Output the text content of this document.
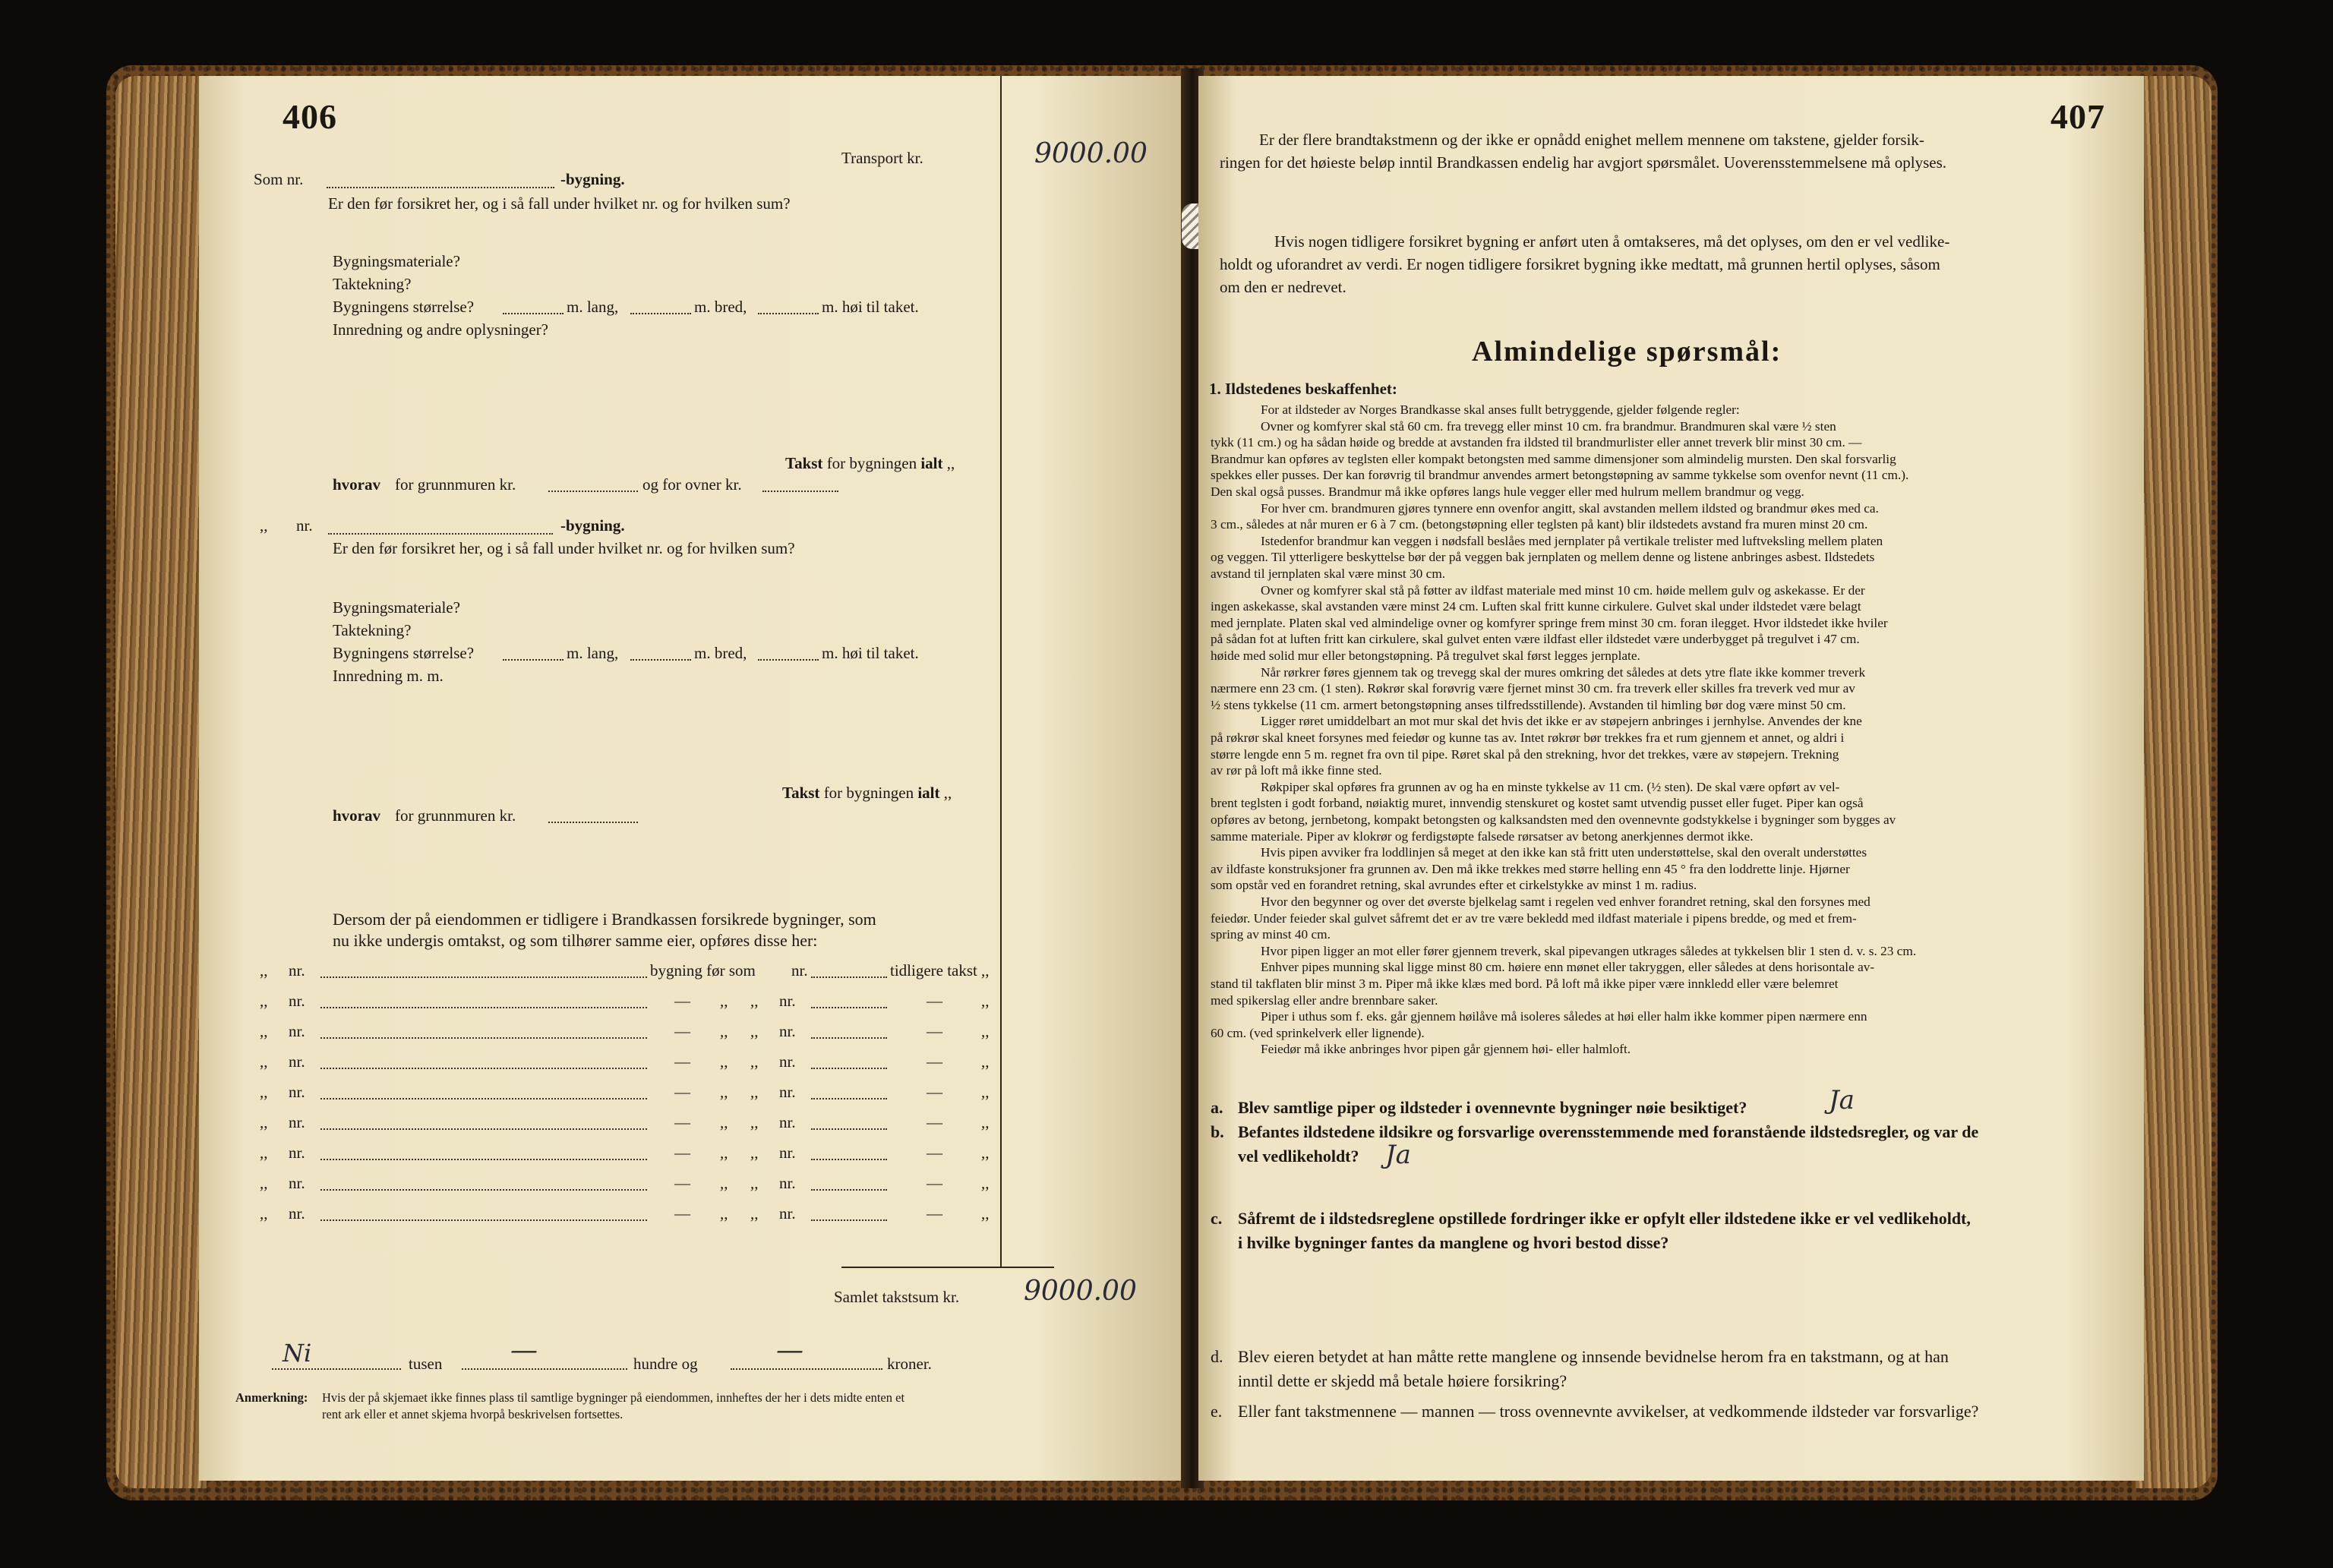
406
Transport kr.	9000.00
Som nr.	-bygning.
Er den før forsikret her, og i så fall under hvilket nr. og for hvilken sum?
Bygningsmateriale?
Taktekning?
Bygningens størrelse?	m. lang,	m. bred,	m. høi til taket.
Innredning og andre oplysninger?
Takst for bygningen ialt ,,
hvorav for grunnmuren kr.	og for ovner kr.
,, nr.	-bygning.
Er den før forsikret her, og i så fall under hvilket nr. og for hvilken sum?
Bygningsmateriale?
Taktekning?
Bygningens størrelse?	m. lang,	m. bred,	m. høi til taket.
Innredning m. m.
Takst for bygningen ialt ,,
hvorav for grunnmuren kr.
Dersom der på eiendommen er tidligere i Brandkassen forsikrede bygninger, som
nu ikke undergis omtakst, og som tilhører samme eier, opføres disse her:
,, nr.	bygning før som nr.	tidligere takst ,,
,, nr.	— ,, ,, nr.	— ,,
,, nr.	— ,, ,, nr.	— ,,
,, nr.	— ,, ,, nr.	— ,,
,, nr.	— ,, ,, nr.	— ,,
,, nr.	— ,, ,, nr.	— ,,
,, nr.	— ,, ,, nr.	— ,,
,, nr.	— ,, ,, nr.	— ,,
,, nr.	— ,, ,, nr.	— ,,
Samlet takstsum kr. 9000.00
Ni	tusen —	hundre og	—	kroner.
Anmerkning: Hvis der på skjemaet ikke finnes plass til samtlige bygninger på eiendommen, innheftes der her i dets midte enten et
rent ark eller et annet skjema hvorpå beskrivelsen fortsettes.
407
Er der flere brandtakstmenn og der ikke er opnådd enighet mellem mennene om takstene, gjelder forsik-
ringen for det høieste beløp inntil Brandkassen endelig har avgjort spørsmålet. Uoverensstemmelsene må oplyses.
Hvis nogen tidligere forsikret bygning er anført uten å omtakseres, må det oplyses, om den er vel vedlike-
holdt og uforandret av verdi. Er nogen tidligere forsikret bygning ikke medtatt, må grunnen hertil oplyses, såsom
om den er nedrevet.
Almindelige spørsmål:
1. Ildstedenes beskaffenhet:
For at ildsteder av Norges Brandkasse skal anses fullt betryggende, gjelder følgende regler:
Ovner og komfyrer skal stå 60 cm. fra trevegg eller minst 10 cm. fra brandmur. Brandmuren skal være ½ sten
tykk (11 cm.) og ha sådan høide og bredde at avstanden fra ildsted til brandmurlister eller annet treverk blir minst 30 cm. —
Brandmur kan opføres av teglsten eller kompakt betongsten med samme dimensjoner som almindelig mursten. Den skal forsvarlig
spekkes eller pusses. Der kan forøvrig til brandmur anvendes armert betongstøpning av samme tykkelse som ovenfor nevnt (11 cm.).
Den skal også pusses. Brandmur må ikke opføres langs hule vegger eller med hulrum mellem brandmur og vegg.
For hver cm. brandmuren gjøres tynnere enn ovenfor angitt, skal avstanden mellem ildsted og brandmur økes med ca.
3 cm., således at når muren er 6 à 7 cm. (betongstøpning eller teglsten på kant) blir ildstedets avstand fra muren minst 20 cm.
Istedenfor brandmur kan veggen i nødsfall beslåes med jernplater på vertikale trelister med luftveksling mellem platen
og veggen. Til ytterligere beskyttelse bør der på veggen bak jernplaten og mellem denne og listene anbringes asbest. Ildstedets
avstand til jernplaten skal være minst 30 cm.
Ovner og komfyrer skal stå på føtter av ildfast materiale med minst 10 cm. høide mellem gulv og askekasse. Er der
ingen askekasse, skal avstanden være minst 24 cm. Luften skal fritt kunne cirkulere. Gulvet skal under ildstedet være belagt
med jernplate. Platen skal ved almindelige ovner og komfyrer springe frem minst 30 cm. foran ilegget. Hvor ildstedet ikke hviler
på sådan fot at luften fritt kan cirkulere, skal gulvet enten være ildfast eller ildstedet være underbygget på tregulvet i 47 cm.
høide med solid mur eller betongstøpning. På tregulvet skal først legges jernplate.
Når rørkrer føres gjennem tak og trevegg skal der mures omkring det således at dets ytre flate ikke kommer treverk
nærmere enn 23 cm. (1 sten). Røkrør skal forøvrig være fjernet minst 30 cm. fra treverk eller skilles fra treverk ved mur av
½ stens tykkelse (11 cm. armert betongstøpning anses tilfredsstillende). Avstanden til himling bør dog være minst 50 cm.
Ligger røret umiddelbart an mot mur skal det hvis det ikke er av støpejern anbringes i jernhylse. Anvendes der kne
på røkrør skal kneet forsynes med feiedør og kunne tas av. Intet røkrør bør trekkes fra et rum gjennem et annet, og aldri i
større lengde enn 5 m. regnet fra ovn til pipe. Røret skal på den strekning, hvor det trekkes, være av støpejern. Trekning
av rør på loft må ikke finne sted.
Røkpiper skal opføres fra grunnen av og ha en minste tykkelse av 11 cm. (½ sten). De skal være opført av vel-
brent teglsten i godt forband, nøiaktig muret, innvendig stenskuret og kostet samt utvendig pusset eller fuget. Piper kan også
opføres av betong, jernbetong, kompakt betongsten og kalksandsten med den ovennevnte godstykkelse i bygninger som bygges av
samme materiale. Piper av klokrør og ferdigstøpte falsede rørsatser av betong anerkjennes dermot ikke.
Hvis pipen avviker fra loddlinjen så meget at den ikke kan stå fritt uten understøttelse, skal den overalt understøttes
av ildfaste konstruksjoner fra grunnen av. Den må ikke trekkes med større helling enn 45 ° fra den loddrette linje. Hjørner
som opstår ved en forandret retning, skal avrundes efter et cirkelstykke av minst 1 m. radius.
Hvor den begynner og over det øverste bjelkelag samt i regelen ved enhver forandret retning, skal den forsynes med
feiedør. Under feieder skal gulvet såfremt det er av tre være bekledd med ildfast materiale i pipens bredde, og med et frem-
spring av minst 40 cm.
Hvor pipen ligger an mot eller fører gjennem treverk, skal pipevangen utkrages således at tykkelsen blir 1 sten d. v. s. 23 cm.
Enhver pipes munning skal ligge minst 80 cm. høiere enn mønet eller takryggen, eller således at dens horisontale av-
stand til takflaten blir minst 3 m. Piper må ikke klæs med bord. På loft må ikke piper være innkledd eller være belemret
med spikerslag eller andre brennbare saker.
Piper i uthus som f. eks. går gjennem høilåve må isoleres således at høi eller halm ikke kommer pipen nærmere enn
60 cm. (ved sprinkelverk eller lignende).
Feiedør må ikke anbringes hvor pipen går gjennem høi- eller halmloft.
a. Blev samtlige piper og ildsteder i ovennevnte bygninger nøie besiktiget?	Ja
b. Befantes ildstedene ildsikre og forsvarlige overensstemmende med foranstående ildstedsregler, og var de
vel vedlikeholdt? Ja
c. Såfremt de i ildstedsreglene opstillede fordringer ikke er opfylt eller ildstedene ikke er vel vedlikeholdt,
i hvilke bygninger fantes da manglene og hvori bestod disse?
d. Blev eieren betydet at han måtte rette manglene og innsende bevidnelse herom fra en takstmann, og at han
inntil dette er skjedd må betale høiere forsikring?
e. Eller fant takstmennene — mannen — tross ovennevnte avvikelser, at vedkommende ildsteder var forsvarlige?
